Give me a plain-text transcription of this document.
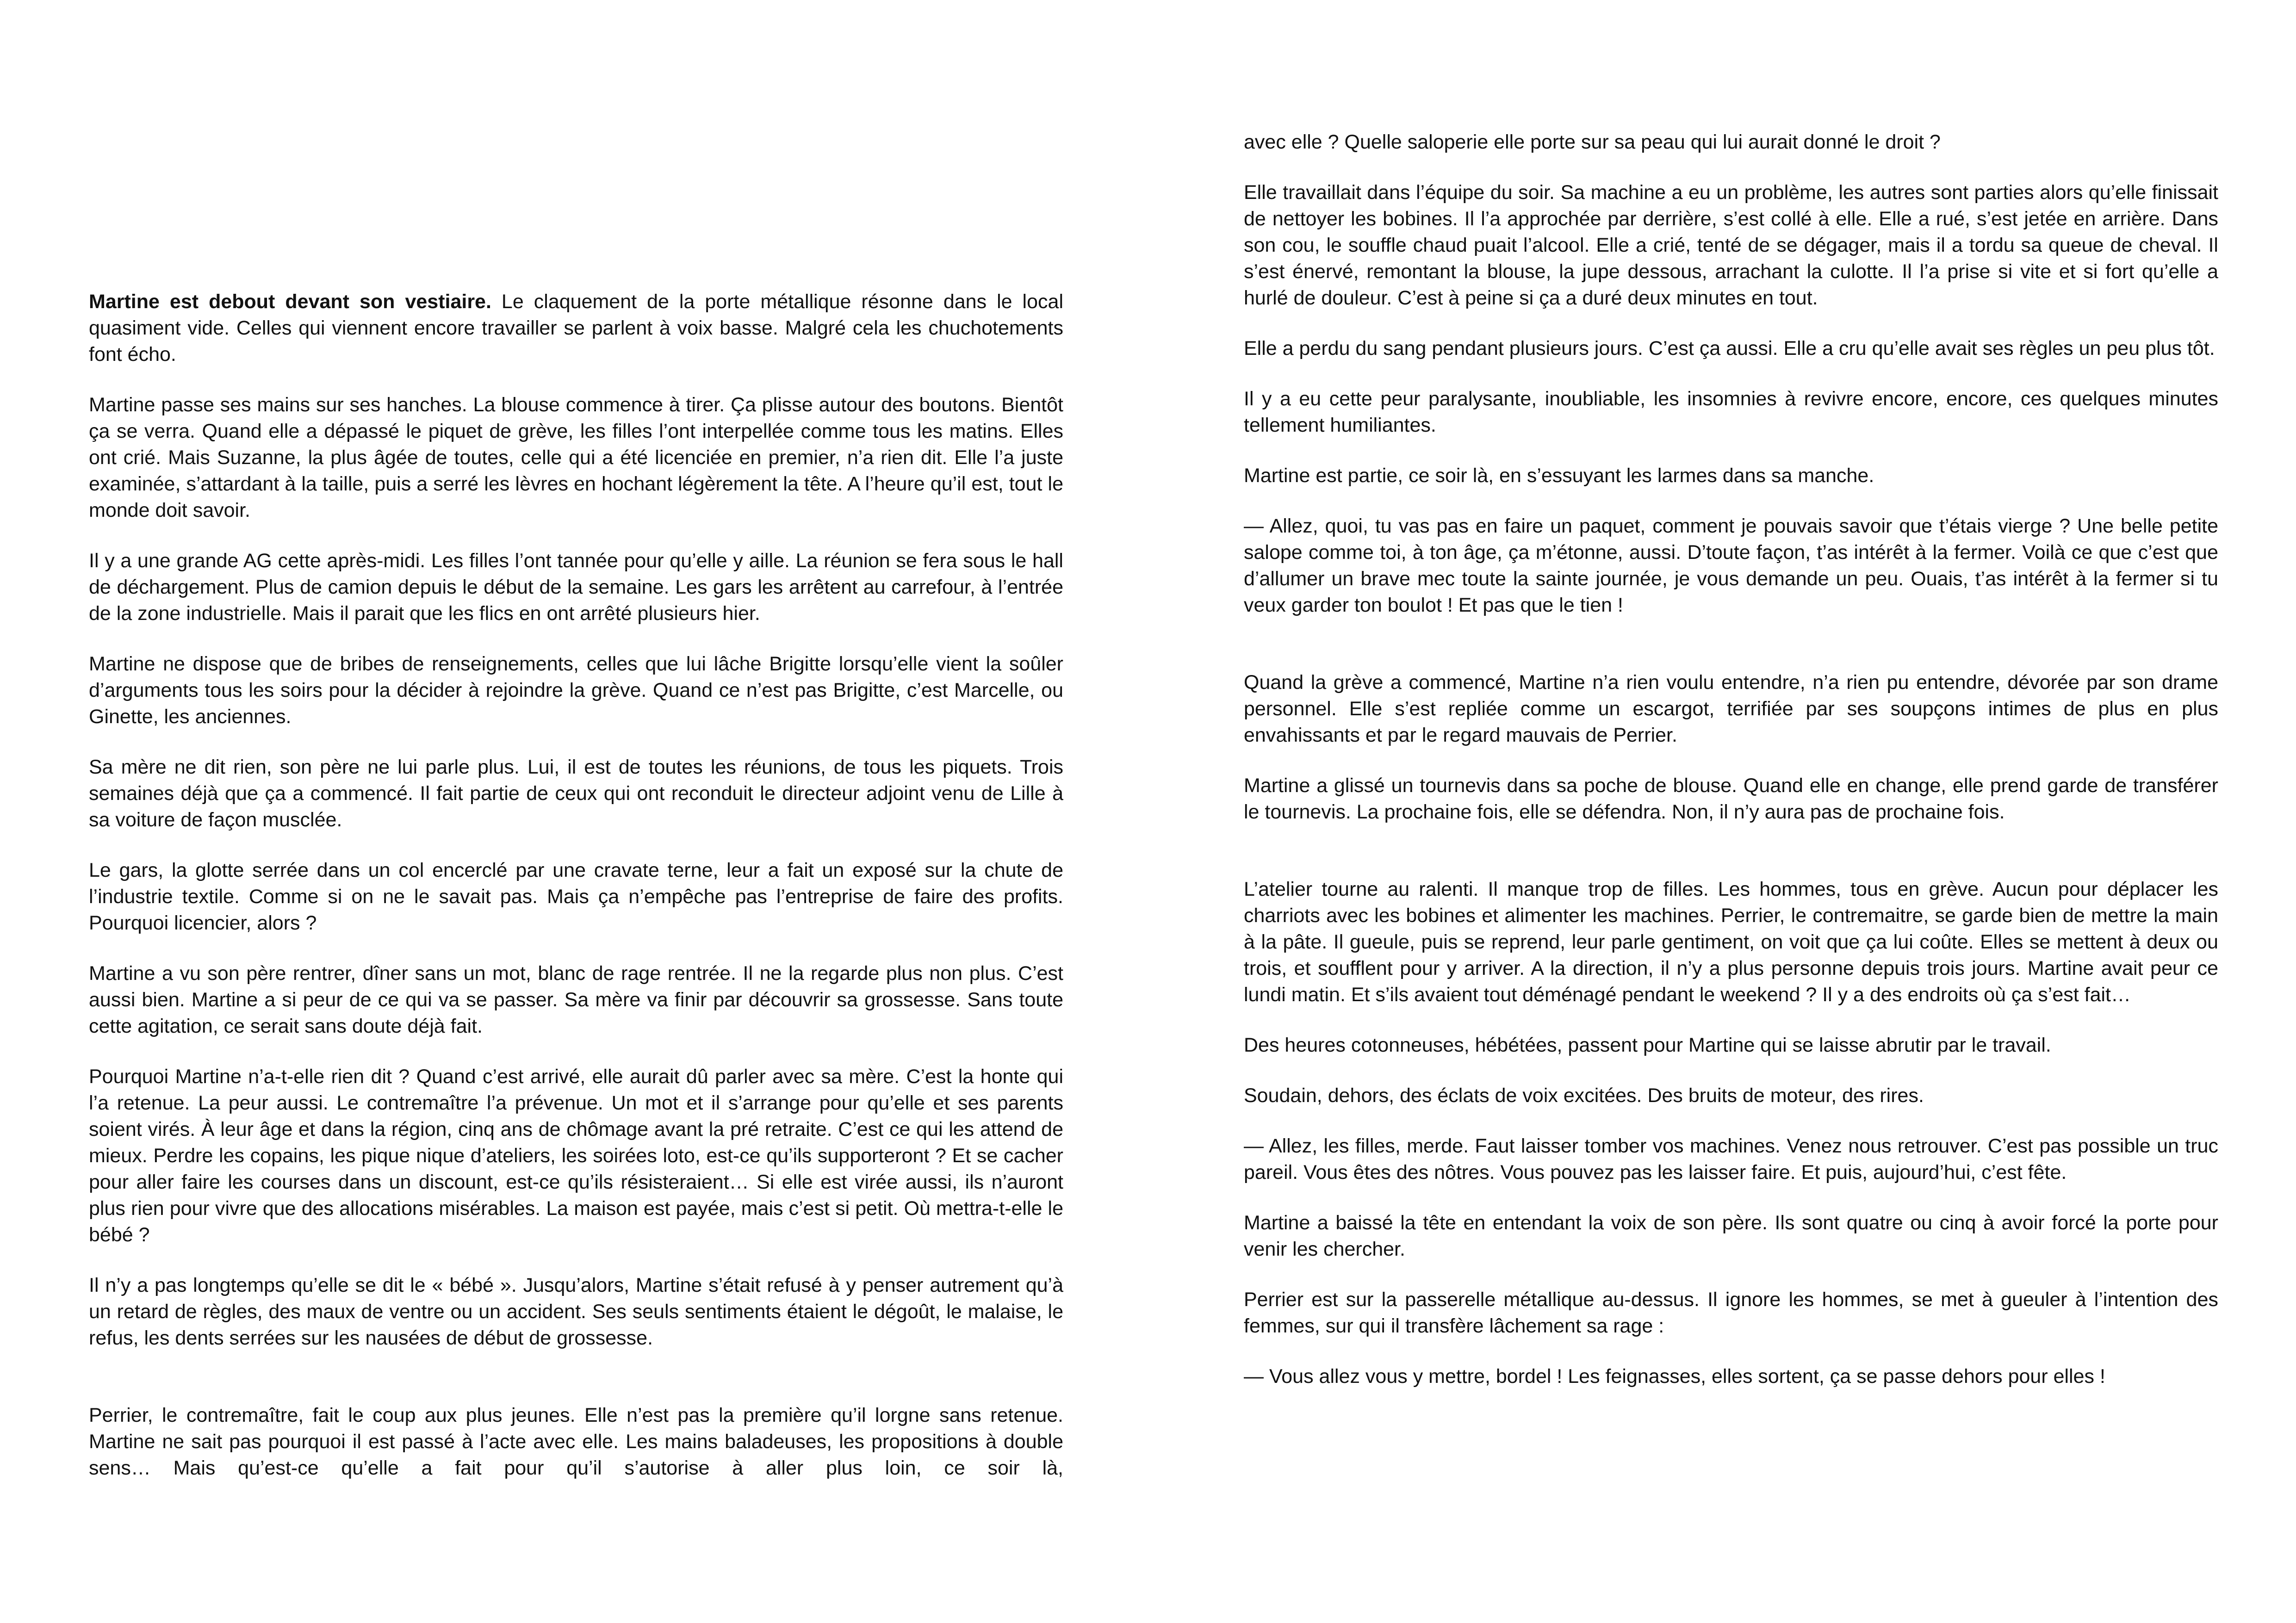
Martine est debout devant son vestiaire. Le claquement de la porte métallique résonne dans le local quasiment vide. Celles qui viennent encore travailler se parlent à voix basse. Malgré cela les chuchotements font écho.

Martine passe ses mains sur ses hanches. La blouse commence à tirer. Ça plisse autour des boutons. Bientôt ça se verra. Quand elle a dépassé le piquet de grève, les filles l’ont interpellée comme tous les matins. Elles ont crié. Mais Suzanne, la plus âgée de toutes, celle qui a été licenciée en premier, n’a rien dit. Elle l’a juste examinée, s’attardant à la taille, puis a serré les lèvres en hochant légèrement la tête. A l’heure qu’il est, tout le monde doit savoir.

Il y a une grande AG cette après-midi. Les filles l’ont tannée pour qu’elle y aille. La réunion se fera sous le hall de déchargement. Plus de camion depuis le début de la semaine. Les gars les arrêtent au carrefour, à l’entrée de la zone industrielle. Mais il parait que les flics en ont arrêté plusieurs hier.

Martine ne dispose que de bribes de renseignements, celles que lui lâche Brigitte lorsqu’elle vient la soûler d’arguments tous les soirs pour la décider à rejoindre la grève. Quand ce n’est pas Brigitte, c’est Marcelle, ou Ginette, les anciennes.

Sa mère ne dit rien, son père ne lui parle plus. Lui, il est de toutes les réunions, de tous les piquets. Trois semaines déjà que ça a commencé. Il fait partie de ceux qui ont reconduit le directeur adjoint venu de Lille à sa voiture de façon musclée.

Le gars, la glotte serrée dans un col encerclé par une cravate terne, leur a fait un exposé sur la chute de l’industrie textile. Comme si on ne le savait pas. Mais ça n’empêche pas l’entreprise de faire des profits. Pourquoi licencier, alors ?

Martine a vu son père rentrer, dîner sans un mot, blanc de rage rentrée. Il ne la regarde plus non plus. C’est aussi bien. Martine a si peur de ce qui va se passer. Sa mère va finir par découvrir sa grossesse. Sans toute cette agitation, ce serait sans doute déjà fait.

Pourquoi Martine n’a-t-elle rien dit ? Quand c’est arrivé, elle aurait dû parler avec sa mère. C’est la honte qui l’a retenue. La peur aussi. Le contremaître l’a prévenue. Un mot et il s’arrange pour qu’elle et ses parents soient virés. À leur âge et dans la région, cinq ans de chômage avant la pré retraite. C’est ce qui les attend de mieux. Perdre les copains, les pique nique d’ateliers, les soirées loto, est-ce qu’ils supporteront ? Et se cacher pour aller faire les courses dans un discount, est-ce qu’ils résisteraient… Si elle est virée aussi, ils n’auront plus rien pour vivre que des allocations misérables. La maison est payée, mais c’est si petit. Où mettra-t-elle le bébé ?

Il n’y a pas longtemps qu’elle se dit le « bébé ». Jusqu’alors, Martine s’était refusé à y penser autrement qu’à un retard de règles, des maux de ventre ou un accident. Ses seuls sentiments étaient le dégoût, le malaise, le refus, les dents serrées sur les nausées de début de grossesse.

Perrier, le contremaître, fait le coup aux plus jeunes. Elle n’est pas la première qu’il lorgne sans retenue. Martine ne sait pas pourquoi il est passé à l’acte avec elle. Les mains baladeuses, les propositions à double sens… Mais qu’est-ce qu’elle a fait pour qu’il s’autorise à aller plus loin, ce soir là,

avec elle ? Quelle saloperie elle porte sur sa peau qui lui aurait donné le droit ?

Elle travaillait dans l’équipe du soir. Sa machine a eu un problème, les autres sont parties alors qu’elle finissait de nettoyer les bobines. Il l’a approchée par derrière, s’est collé à elle. Elle a rué, s’est jetée en arrière. Dans son cou, le souffle chaud puait l’alcool. Elle a crié, tenté de se dégager, mais il a tordu sa queue de cheval. Il s’est énervé, remontant la blouse, la jupe dessous, arrachant la culotte. Il l’a prise si vite et si fort qu’elle a hurlé de douleur. C’est à peine si ça a duré deux minutes en tout.

Elle a perdu du sang pendant plusieurs jours. C’est ça aussi. Elle a cru qu’elle avait ses règles un peu plus tôt.

Il y a eu cette peur paralysante, inoubliable, les insomnies à revivre encore, encore, ces quelques minutes tellement humiliantes.

Martine est partie, ce soir là, en s’essuyant les larmes dans sa manche.

— Allez, quoi, tu vas pas en faire un paquet, comment je pouvais savoir que t’étais vierge ? Une belle petite salope comme toi, à ton âge, ça m’étonne, aussi. D’toute façon, t’as intérêt à la fermer. Voilà ce que c’est que d’allumer un brave mec toute la sainte journée, je vous demande un peu. Ouais, t’as intérêt à la fermer si tu veux garder ton boulot ! Et pas que le tien !

Quand la grève a commencé, Martine n’a rien voulu entendre, n’a rien pu entendre, dévorée par son drame personnel. Elle s’est repliée comme un escargot, terrifiée par ses soupçons intimes de plus en plus envahissants et par le regard mauvais de Perrier.

Martine a glissé un tournevis dans sa poche de blouse. Quand elle en change, elle prend garde de transférer le tournevis. La prochaine fois, elle se défendra. Non, il n’y aura pas de prochaine fois.

L’atelier tourne au ralenti. Il manque trop de filles. Les hommes, tous en grève. Aucun pour déplacer les charriots avec les bobines et alimenter les machines. Perrier, le contremaitre, se garde bien de mettre la main à la pâte. Il gueule, puis se reprend, leur parle gentiment, on voit que ça lui coûte. Elles se mettent à deux ou trois, et soufflent pour y arriver. A la direction, il n’y a plus personne depuis trois jours. Martine avait peur ce lundi matin. Et s’ils avaient tout déménagé pendant le weekend ? Il y a des endroits où ça s’est fait…

Des heures cotonneuses, hébétées, passent pour Martine qui se laisse abrutir par le travail.

Soudain, dehors, des éclats de voix excitées. Des bruits de moteur, des rires.

— Allez, les filles, merde. Faut laisser tomber vos machines. Venez nous retrouver. C’est pas possible un truc pareil. Vous êtes des nôtres. Vous pouvez pas les laisser faire. Et puis, aujourd’hui, c’est fête.

Martine a baissé la tête en entendant la voix de son père. Ils sont quatre ou cinq à avoir forcé la porte pour venir les chercher.

Perrier est sur la passerelle métallique au-dessus. Il ignore les hommes, se met à gueuler à l’intention des femmes, sur qui il transfère lâchement sa rage :

— Vous allez vous y mettre, bordel ! Les feignasses, elles sortent, ça se passe dehors pour elles !
